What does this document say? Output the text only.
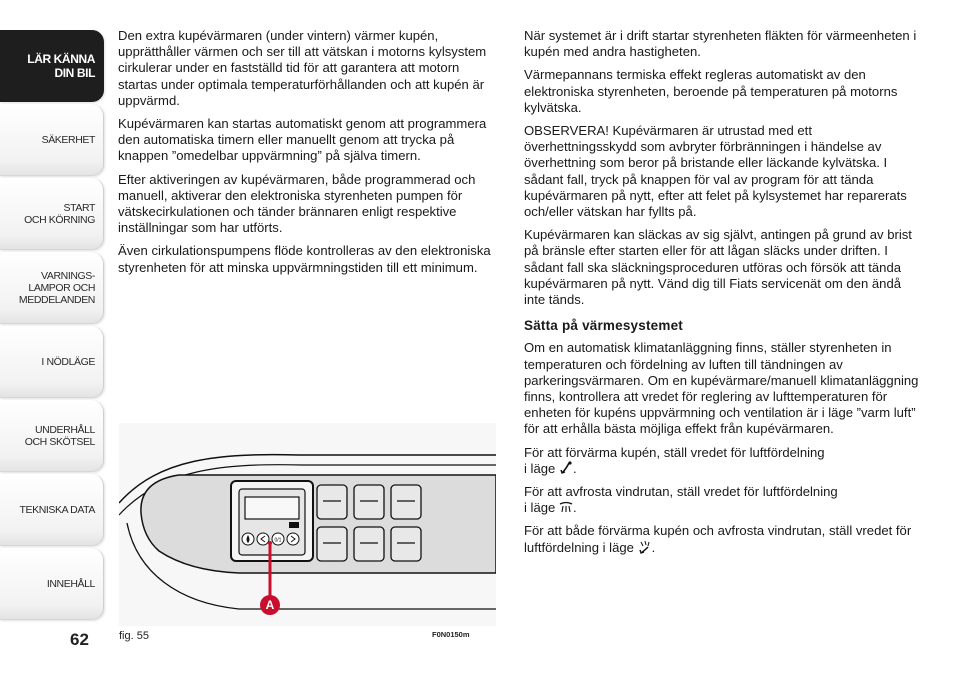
LÄR KÄNNA
DIN BIL
SÄKERHET
START
OCH KÖRNING
VARNINGS-
LAMPOR OCH
MEDDELANDEN
I NÖDLÄGE
UNDERHÅLL
OCH SKÖTSEL
TEKNISKA DATA
INNEHÅLL
62

Den extra kupévärmaren (under vintern) värmer kupén, upprätthåller värmen och ser till att vätskan i motorns kylsystem cirkulerar under en fastställd tid för att garantera att motorn startas under optimala temperaturförhållanden och att kupén är uppvärmd.

Kupévärmaren kan startas automatiskt genom att programmera den automatiska timern eller manuellt genom att trycka på knappen ”omedelbar uppvärmning” på själva timern.

Efter aktiveringen av kupévärmaren, både programmerad och manuell, aktiverar den elektroniska styrenheten pumpen för vätskecirkulationen och tänder brännaren enligt respektive inställningar som har utförts.

Även cirkulationspumpens flöde kontrolleras av den elektroniska styrenheten för att minska uppvärmningstiden till ett minimum.

0/1
A
fig. 55	F0N0150m

När systemet är i drift startar styrenheten fläkten för värmeenheten i kupén med andra hastigheten.

Värmepannans termiska effekt regleras automatiskt av den elektroniska styrenheten, beroende på temperaturen på motorns kylvätska.

OBSERVERA! Kupévärmaren är utrustad med ett överhettningsskydd som avbryter förbränningen i händelse av överhettning som beror på bristande eller läckande kylvätska. I sådant fall, tryck på knappen för val av program för att tända kupévärmaren på nytt, efter att felet på kylsystemet har reparerats och/eller vätskan har fyllts på.

Kupévärmaren kan släckas av sig självt, antingen på grund av brist på bränsle efter starten eller för att lågan släcks under driften. I sådant fall ska släckningsproceduren utföras och försök att tända kupévärmaren på nytt. Vänd dig till Fiats servicenät om den ändå inte tänds.

Sätta på värmesystemet

Om en automatisk klimatanläggning finns, ställer styrenheten in temperaturen och fördelning av luften till tändningen av parkeringsvärmaren. Om en kupévärmare/manuell klimatanläggning finns, kontrollera att vredet för reglering av lufttemperaturen för enheten för kupéns uppvärmning och ventilation är i läge ”varm luft” för att erhålla bästa möjliga effekt från kupévärmaren.

För att förvärma kupén, ställ vredet för luftfördelning
i läge .

För att avfrosta vindrutan, ställ vredet för luftfördelning
i läge .

För att både förvärma kupén och avfrosta vindrutan, ställ vredet för luftfördelning i läge .
